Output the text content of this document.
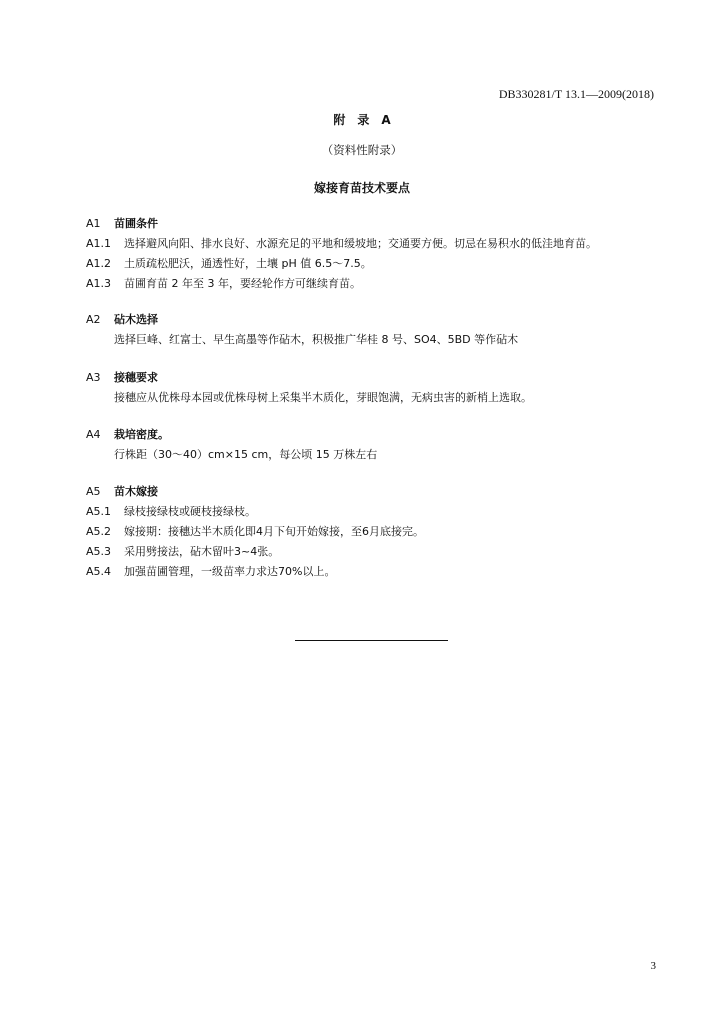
DB330281/T 13.1—2009(2018)
附　录　A
（资料性附录）
嫁接育苗技术要点
A1 苗圃条件
A1.1 选择避风向阳、排水良好、水源充足的平地和缓坡地；交通要方便。切忌在易积水的低洼地育苗。
A1.2 土质疏松肥沃，通透性好，土壤 pH 值 6.5～7.5。
A1.3 苗圃育苗 2 年至 3 年，要经轮作方可继续育苗。
A2 砧木选择
选择巨峰、红富士、早生高墨等作砧木，积极推广华桂 8 号、SO4、5BD 等作砧木
A3 接穗要求
接穗应从优株母本园或优株母树上采集半木质化，芽眼饱满，无病虫害的新梢上选取。
A4 栽培密度。
行株距（30～40）cm×15 cm，每公顷 15 万株左右
A5 苗木嫁接
A5.1 绿枝接绿枝或硬枝接绿枝。
A5.2 嫁接期：接穗达半木质化即4月下旬开始嫁接，至6月底接完。
A5.3 采用劈接法，砧木留叶3~4张。
A5.4 加强苗圃管理，一级苗率力求达70%以上。
3
